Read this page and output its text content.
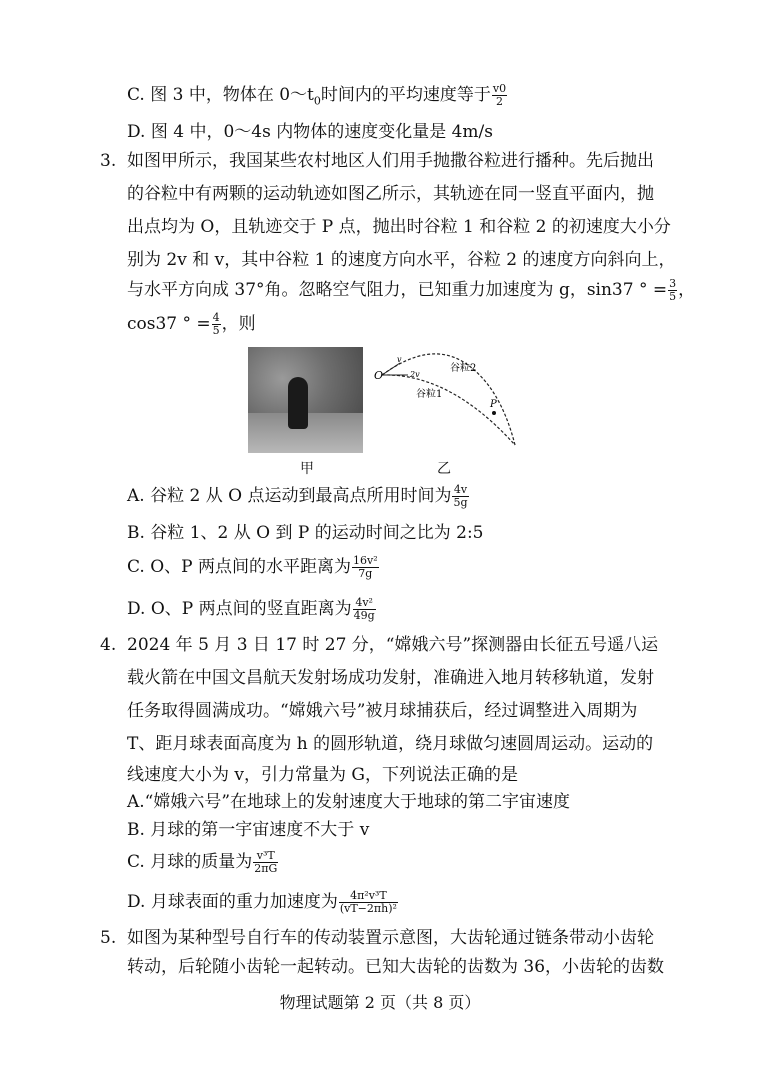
C. 图 3 中，物体在 $0\sim t_0$时间内的平均速度等于 $\frac{v0}{2}$
D. 图 4 中，0～4s 内物体的速度变化量是 4m/s
3. 如图甲所示，我国某些农村地区人们用手抛撒谷粒进行播种。先后抛出
的谷粒中有两颗的运动轨迹如图乙所示，其轨迹在同一竖直平面内，抛
出点均为 O，且轨迹交于 P 点，抛出时谷粒 1 和谷粒 2 的初速度大小分
别为 2v 和 v，其中谷粒 1 的速度方向水平，谷粒 2 的速度方向斜向上，
与水平方向成 37°角。忽略空气阻力，已知重力加速度为 g，sin37 ° = $\frac{3}{5}$ ，
cos37 ° = $\frac{4}{5}$ ，则
甲
O
v
2v
谷粒2
谷粒1
P
乙
A. 谷粒 2 从 O 点运动到最高点所用时间为 $\frac{4v}{5g}$
B. 谷粒 1、2 从 O 到 P 的运动时间之比为 2:5
C. O、P 两点间的水平距离为 $\frac{\text{16v²}}{7g}$
D. O、P 两点间的竖直距离为 $\frac{\text{4v²}}{49g}$
4. 2024 年 5 月 3 日 17 时 27 分，“嫦娥六号”探测器由长征五号遥八运
载火箭在中国文昌航天发射场成功发射，准确进入地月转移轨道，发射
任务取得圆满成功。“嫦娥六号”被月球捕获后，经过调整进入周期为
T、距月球表面高度为 h 的圆形轨道，绕月球做匀速圆周运动。运动的
线速度大小为 v，引力常量为 G，下列说法正确的是
A.“嫦娥六号”在地球上的发射速度大于地球的第二宇宙速度
B. 月球的第一宇宙速度不大于 v
C. 月球的质量为 $\frac{\text{v³T}}{2\pi G}$
D. 月球表面的重力加速度为 $\frac{\text{4π²v³T}}{\text{(vT−2πh)²}}$
5. 如图为某种型号自行车的传动装置示意图，大齿轮通过链条带动小齿轮
转动，后轮随小齿轮一起转动。已知大齿轮的齿数为 36，小齿轮的齿数
物理试题第 2 页（共 8 页）
